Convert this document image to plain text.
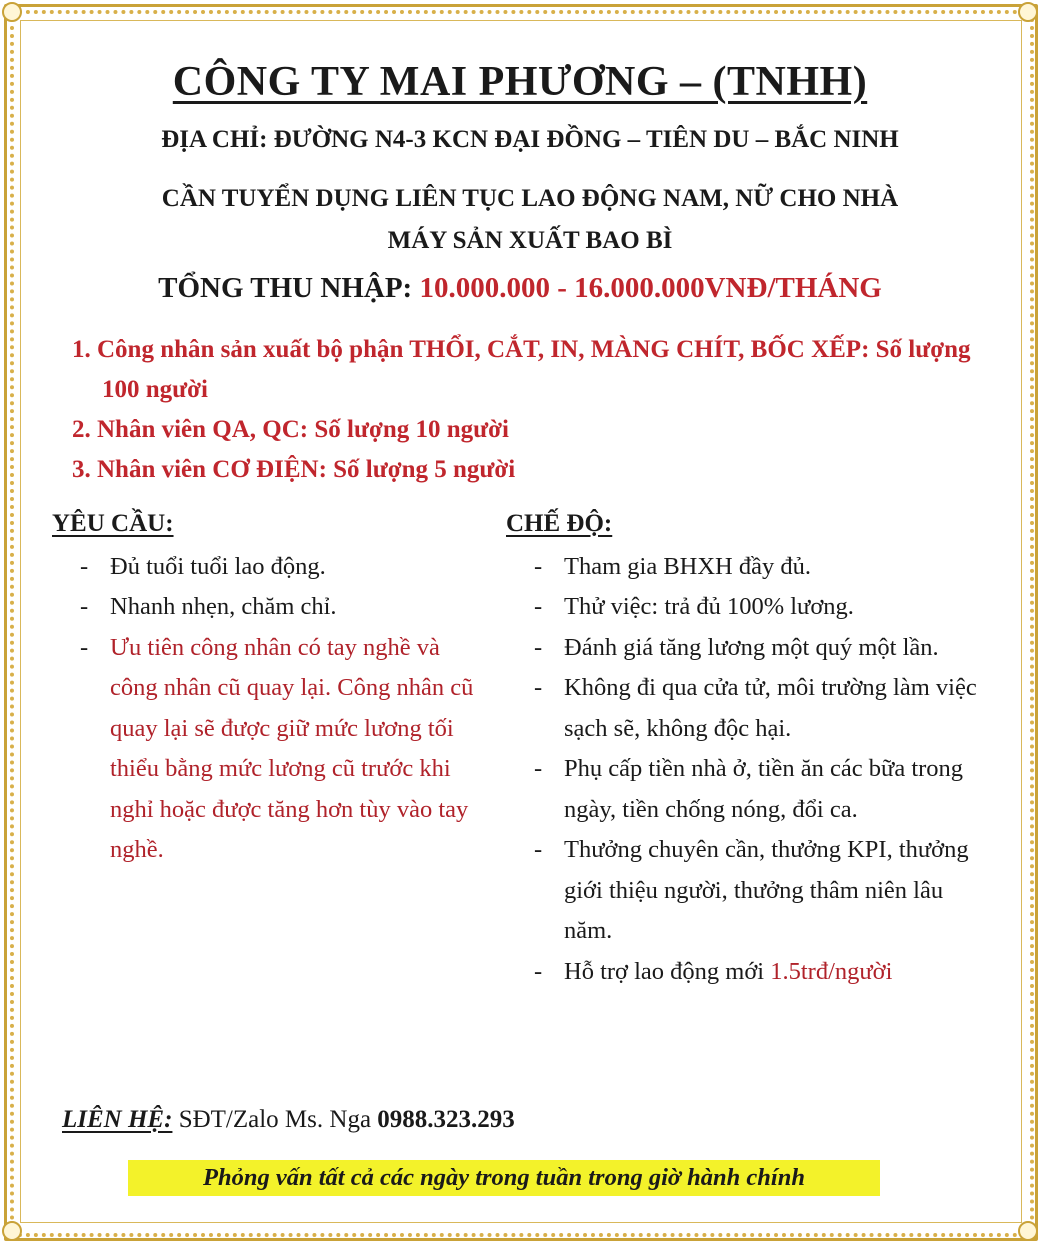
CÔNG TY MAI PHƯƠNG – (TNHH)
ĐỊA CHỈ: ĐƯỜNG N4-3 KCN ĐẠI ĐỒNG – TIÊN DU – BẮC NINH
CẦN TUYỂN DỤNG LIÊN TỤC LAO ĐỘNG NAM, NỮ CHO NHÀ
MÁY SẢN XUẤT BAO BÌ
TỔNG THU NHẬP: 10.000.000 - 16.000.000VNĐ/THÁNG
1. Công nhân sản xuất bộ phận THỔI, CẮT, IN, MÀNG CHÍT, BỐC XẾP: Số lượng 100 người
2. Nhân viên QA, QC: Số lượng 10 người
3. Nhân viên CƠ ĐIỆN: Số lượng 5 người
YÊU CẦU:
- Đủ tuổi tuổi lao động.
- Nhanh nhẹn, chăm chỉ.
- Ưu tiên công nhân có tay nghề và công nhân cũ quay lại. Công nhân cũ quay lại sẽ được giữ mức lương tối thiểu bằng mức lương cũ trước khi nghỉ hoặc được tăng hơn tùy vào tay nghề.
CHẾ ĐỘ:
- Tham gia BHXH đầy đủ.
- Thử việc: trả đủ 100% lương.
- Đánh giá tăng lương một quý một lần.
- Không đi qua cửa tử, môi trường làm việc sạch sẽ, không độc hại.
- Phụ cấp tiền nhà ở, tiền ăn các bữa trong ngày, tiền chống nóng, đổi ca.
- Thưởng chuyên cần, thưởng KPI, thưởng giới thiệu người, thưởng thâm niên lâu năm.
- Hỗ trợ lao động mới 1.5trđ/người
LIÊN HỆ: SĐT/Zalo Ms. Nga 0988.323.293
Phỏng vấn tất cả các ngày trong tuần trong giờ hành chính
